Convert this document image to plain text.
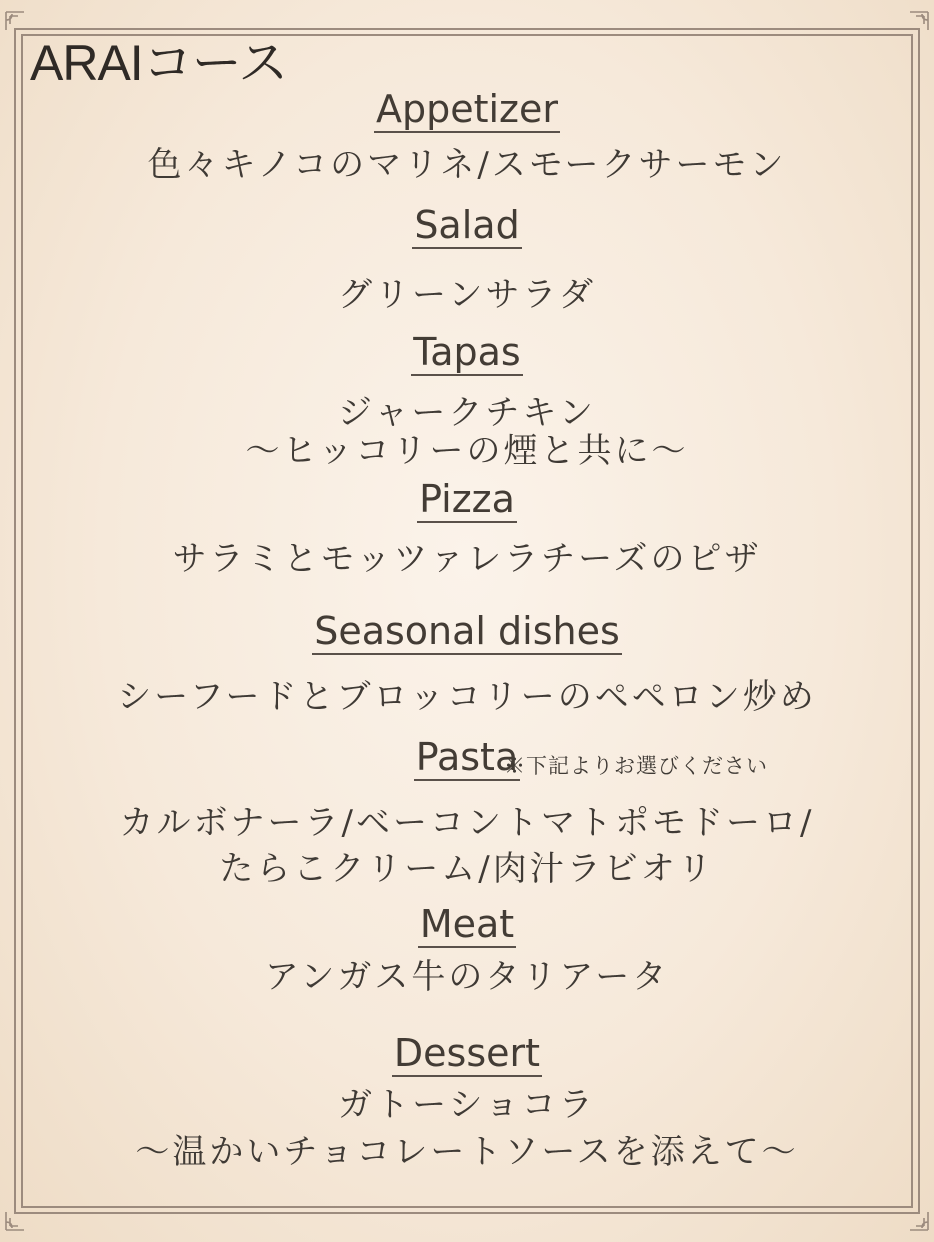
ARAIコース
Appetizer
色々キノコのマリネ/スモークサーモン
Salad
グリーンサラダ
Tapas
ジャークチキン
〜ヒッコリーの煙と共に〜
Pizza
サラミとモッツァレラチーズのピザ
Seasonal dishes
シーフードとブロッコリーのペペロン炒め
Pasta
※下記よりお選びください
カルボナーラ/ベーコントマトポモドーロ/
たらこクリーム/肉汁ラビオリ
Meat
アンガス牛のタリアータ
Dessert
ガトーショコラ
〜温かいチョコレートソースを添えて〜
